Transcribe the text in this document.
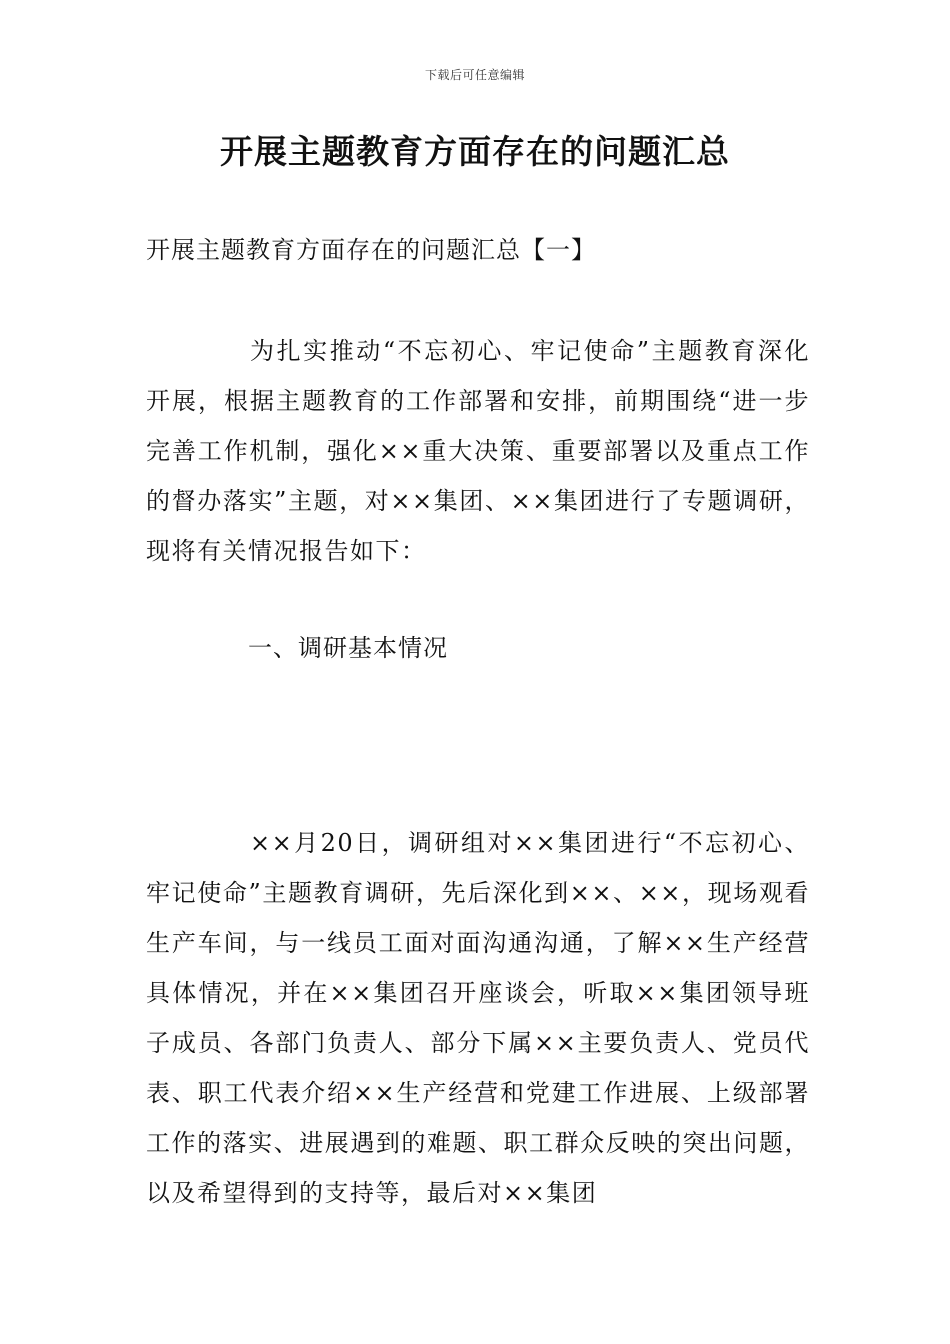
下载后可任意编辑
开展主题教育方面存在的问题汇总
开展主题教育方面存在的问题汇总【一】

为扎实推动“不忘初心、牢记使命”主题教育深化开展，根据主题教育的工作部署和安排，前期围绕“进一步完善工作机制，强化××重大决策、重要部署以及重点工作的督办落实”主题，对××集团、××集团进行了专题调研，现将有关情况报告如下：

一、调研基本情况

××月20日，调研组对××集团进行“不忘初心、牢记使命”主题教育调研，先后深化到××、××，现场观看生产车间，与一线员工面对面沟通沟通，了解××生产经营具体情况，并在××集团召开座谈会，听取××集团领导班子成员、各部门负责人、部分下属××主要负责人、党员代表、职工代表介绍××生产经营和党建工作进展、上级部署工作的落实、进展遇到的难题、职工群众反映的突出问题，以及希望得到的支持等，最后对××集团
